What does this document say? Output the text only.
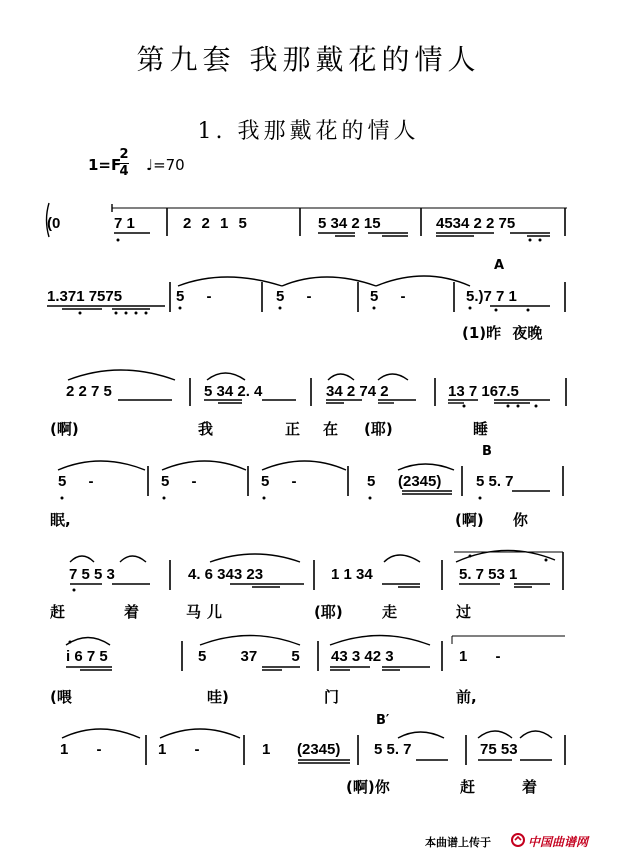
第九套 我那戴花的情人
1. 我那戴花的情人
1=F
2
4 ♩=70
(0	7 1	2 2 1 5	5 34 2 15	4534 2 2 75
A
1.371 7575	5 -	5 -	5 -	5.)7 7 1
(1)昨 夜晚
2 2 7 5	5 34 2. 4	34 2 74 2	13 7 167.5
(啊)	我	正 在 (耶)	睡
B
5 -	5 -	5 -	5 (2345) 5 5. 7
眠,	(啊) 你
7 5 5 3	4. 6 343 23	1 1 34	5. 7 53 1
赶	着	马儿	(耶)	走	过
i 6 7 5	5 37 5 43 3 42 3	1 -
(喂	哇)	门	前,
B′
1 -	1 -	1 (2345) 5 5. 7	75 53
(啊)你	赶	着
本曲谱上传于	中国曲谱网
